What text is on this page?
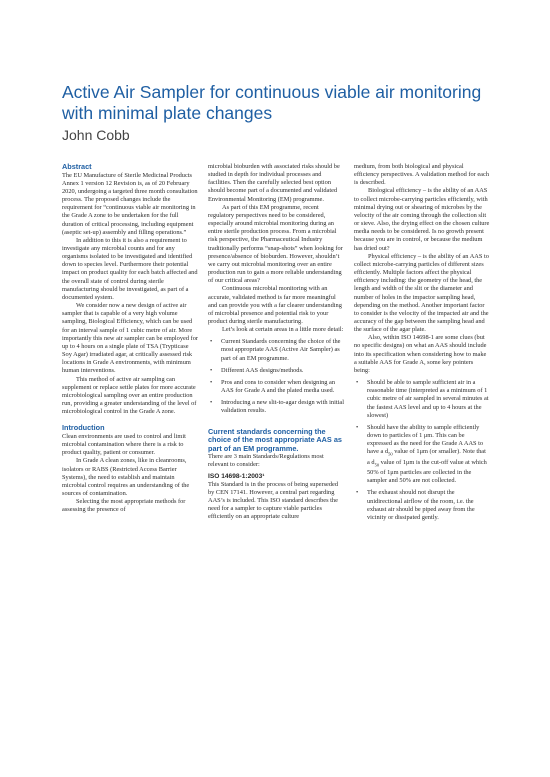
Active Air Sampler for continuous viable air monitoring with minimal plate changes
John Cobb
Abstract

The EU Manufacture of Sterile Medicinal Products Annex 1 version 12 Revision is, as of 20 February 2020, undergoing a targeted three month consultation process. The proposed changes include the requirement for “continuous viable air monitoring in the Grade A zone to be undertaken for the full duration of critical processing, including equipment (aseptic set-up) assembly and filling operations.”

In addition to this it is also a requirement to investigate any microbial counts and for any organisms isolated to be investigated and identified down to species level. Furthermore their potential impact on product quality for each batch affected and the overall state of control during sterile manufacturing should be investigated, as part of a documented system.

We consider now a new design of active air sampler that is capable of a very high volume sampling, Biological Efficiency, which can be used for an interval sample of 1 cubic metre of air. More importantly this new air sampler can be employed for up to 4 hours on a single plate of TSA (Trypticase Soy Agar) irradiated agar, at critically assessed risk locations in Grade A environments, with minimum human interventions.

This method of active air sampling can supplement or replace settle plates for more accurate microbiological sampling over an entire production run, providing a greater understanding of the level of microbiological control in the Grade A zone.

Introduction

Clean environments are used to control and limit microbial contamination where there is a risk to product quality, patient or consumer.

In Grade A clean zones, like in cleanrooms, isolators or RABS (Restricted Access Barrier Systems), the need to establish and maintain microbial control requires an understanding of the sources of contamination.

Selecting the most appropriate methods for assessing the presence of

microbial bioburden with associated risks should be studied in depth for individual processes and facilities. Then the carefully selected best option should become part of a documented and validated Environmental Monitoring (EM) programme.

As part of this EM programme, recent regulatory perspectives need to be considered, especially around microbial monitoring during an entire sterile production process. From a microbial risk perspective, the Pharmaceutical Industry traditionally performs “snap-shots” when looking for presence/absence of bioburden. However, shouldn’t we carry out microbial monitoring over an entire production run to gain a more reliable understanding of our critical areas?

Continuous microbial monitoring with an accurate, validated method is far more meaningful and can provide you with a far clearer understanding of microbial presence and potential risk to your product during sterile manufacturing.

Let’s look at certain areas in a little more detail:

• Current Standards concerning the choice of the most appropriate AAS (Active Air Sampler) as part of an EM programme.
• Different AAS designs/methods.
• Pros and cons to consider when designing an AAS for Grade A and the plated media used.
• Introducing a new slit-to-agar design with initial validation results.
Current standards concerning the choice of the most appropriate AAS as part of an EM programme.

There are 3 main Standards/Regulations most relevant to consider:

ISO 14698-1:2003¹

This Standard is in the process of being superseded by CEN 17141. However, a central part regarding AAS’s is included. This ISO standard describes the need for a sampler to capture viable particles efficiently on an appropriate culture

medium, from both biological and physical efficiency perspectives. A validation method for each is described.

Biological efficiency – is the ability of an AAS to collect microbe-carrying particles efficiently, with minimal drying out or shearing of microbes by the velocity of the air coming through the collection slit or sieve. Also, the drying effect on the chosen culture media needs to be considered. Is no growth present because you are in control, or because the medium has dried out?

Physical efficiency – is the ability of an AAS to collect microbe-carrying particles of different sizes efficiently. Multiple factors affect the physical efficiency including: the geometry of the head, the length and width of the slit or the diameter and number of holes in the impactor sampling head, depending on the method. Another important factor to consider is the velocity of the impacted air and the accuracy of the gap between the sampling head and the surface of the agar plate.

Also, within ISO 14698-1 are some clues (but no specific designs) on what an AAS should include into its specification when considering how to make a suitable AAS for Grade A, some key pointers being:

• Should be able to sample sufficient air in a reasonable time (interpreted as a minimum of 1 cubic metre of air sampled in several minutes at the fastest AAS level and up to 4 hours at the slowest)
• Should have the ability to sample efficiently down to particles of 1 μm. This can be expressed as the need for the Grade A AAS to have a $d_{50}$ value of 1μm (or smaller). Note that a $d_{50}$ value of 1μm is the cut-off value at which 50% of 1μm particles are collected in the sampler and 50% are not collected.
• The exhaust should not disrupt the unidirectional airflow of the room, i.e. the exhaust air should be piped away from the vicinity or dissipated gently.
